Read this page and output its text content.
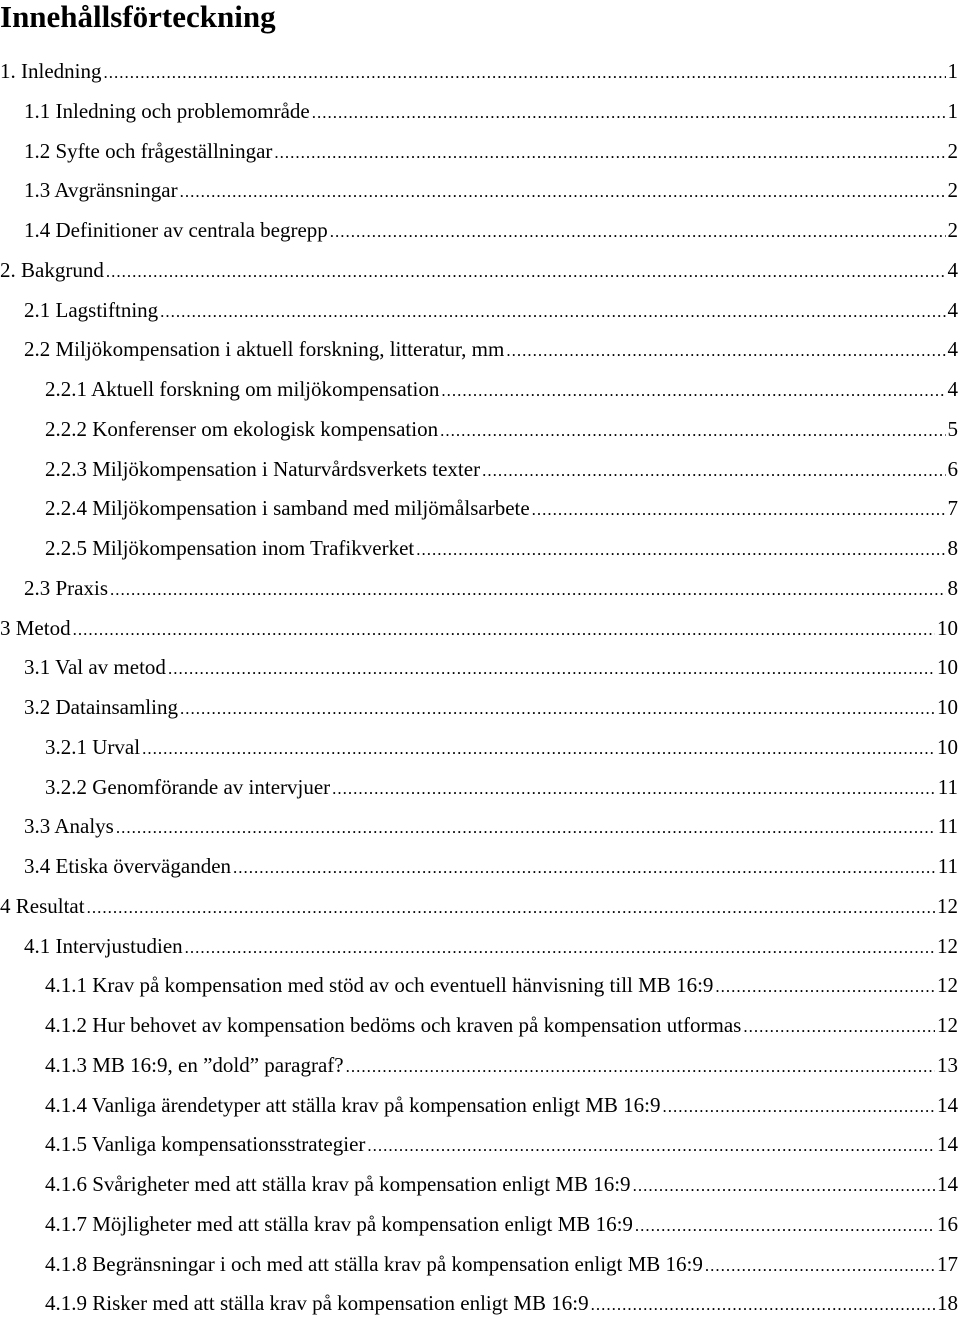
Innehållsförteckning
1. Inledning .....	1
1.1 Inledning och problemområde .....	1
1.2 Syfte och frågeställningar .....	2
1.3 Avgränsningar .....	2
1.4 Definitioner av centrala begrepp .....	2
2. Bakgrund .....	4
2.1 Lagstiftning .....	4
2.2 Miljökompensation i aktuell forskning, litteratur, mm .....	4
2.2.1 Aktuell forskning om miljökompensation .....	4
2.2.2 Konferenser om ekologisk kompensation .....	5
2.2.3 Miljökompensation i Naturvårdsverkets texter .....	6
2.2.4 Miljökompensation i samband med miljömålsarbete .....	7
2.2.5 Miljökompensation inom Trafikverket .....	8
2.3 Praxis .....	8
3 Metod .....	10
3.1 Val av metod .....	10
3.2 Datainsamling .....	10
3.2.1 Urval .....	10
3.2.2 Genomförande av intervjuer .....	11
3.3 Analys .....	11
3.4 Etiska överväganden .....	11
4 Resultat .....	12
4.1 Intervjustudien .....	12
4.1.1 Krav på kompensation med stöd av och eventuell hänvisning till MB 16:9 .....	12
4.1.2 Hur behovet av kompensation bedöms och kraven på kompensation utformas .....	12
4.1.3 MB 16:9, en ”dold” paragraf? .....	13
4.1.4 Vanliga ärendetyper att ställa krav på kompensation enligt MB 16:9 .....	14
4.1.5 Vanliga kompensationsstrategier .....	14
4.1.6 Svårigheter med att ställa krav på kompensation enligt MB 16:9 .....	14
4.1.7 Möjligheter med att ställa krav på kompensation enligt MB 16:9 .....	16
4.1.8 Begränsningar i och med att ställa krav på kompensation enligt MB 16:9 .....	17
4.1.9 Risker med att ställa krav på kompensation enligt MB 16:9 .....	18
